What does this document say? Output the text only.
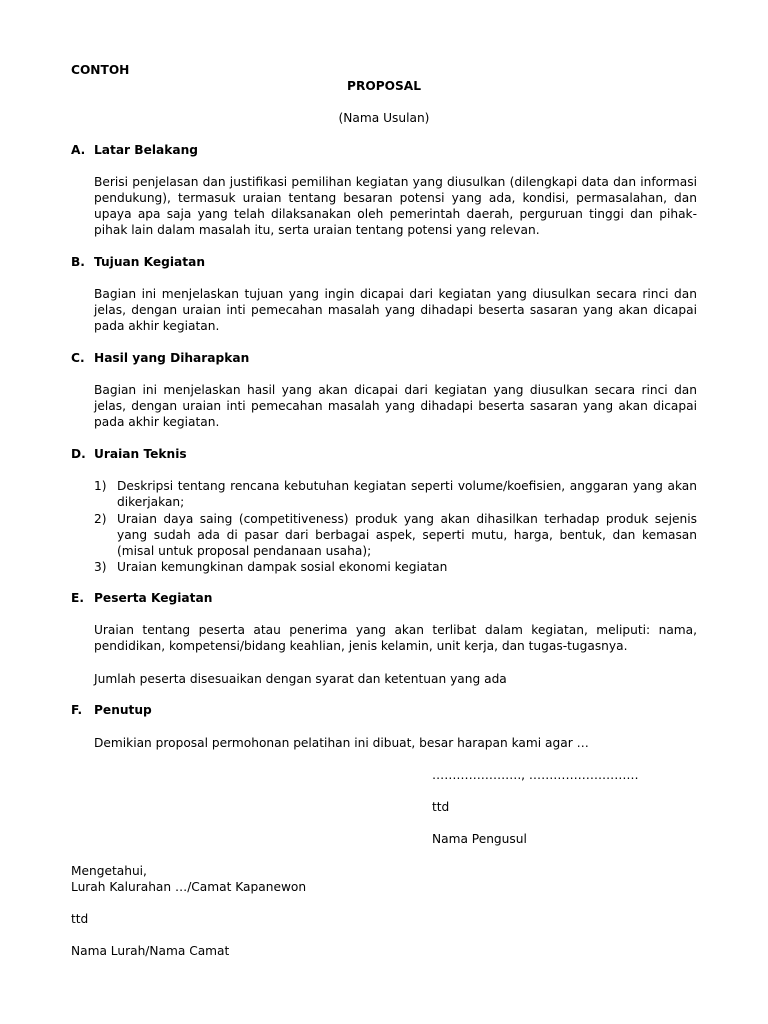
CONTOH

PROPOSAL

(Nama Usulan)

A. Latar Belakang

Berisi penjelasan dan justifikasi pemilihan kegiatan yang diusulkan (dilengkapi data dan informasi pendukung), termasuk uraian tentang besaran potensi yang ada, kondisi, permasalahan, dan upaya apa saja yang telah dilaksanakan oleh pemerintah daerah, perguruan tinggi dan pihak-pihak lain dalam masalah itu, serta uraian tentang potensi yang relevan.

B. Tujuan Kegiatan

Bagian ini menjelaskan tujuan yang ingin dicapai dari kegiatan yang diusulkan secara rinci dan jelas, dengan uraian inti pemecahan masalah yang dihadapi beserta sasaran yang akan dicapai pada akhir kegiatan.

C. Hasil yang Diharapkan

Bagian ini menjelaskan hasil yang akan dicapai dari kegiatan yang diusulkan secara rinci dan jelas, dengan uraian inti pemecahan masalah yang dihadapi beserta sasaran yang akan dicapai pada akhir kegiatan.

D. Uraian Teknis
1) Deskripsi tentang rencana kebutuhan kegiatan seperti volume/koefisien, anggaran yang akan dikerjakan;

2) Uraian daya saing (competitiveness) produk yang akan dihasilkan terhadap produk sejenis yang sudah ada di pasar dari berbagai aspek, seperti mutu, harga, bentuk, dan kemasan (misal untuk proposal pendanaan usaha);

3) Uraian kemungkinan dampak sosial ekonomi kegiatan

E. Peserta Kegiatan

Uraian tentang peserta atau penerima yang akan terlibat dalam kegiatan, meliputi: nama, pendidikan, kompetensi/bidang keahlian, jenis kelamin, unit kerja, dan tugas-tugasnya.

Jumlah peserta disesuaikan dengan syarat dan ketentuan yang ada

F. Penutup

Demikian proposal permohonan pelatihan ini dibuat, besar harapan kami agar …

…………………., ………………………

ttd

Nama Pengusul

Mengetahui,

Lurah Kalurahan …/Camat Kapanewon

ttd

Nama Lurah/Nama Camat
